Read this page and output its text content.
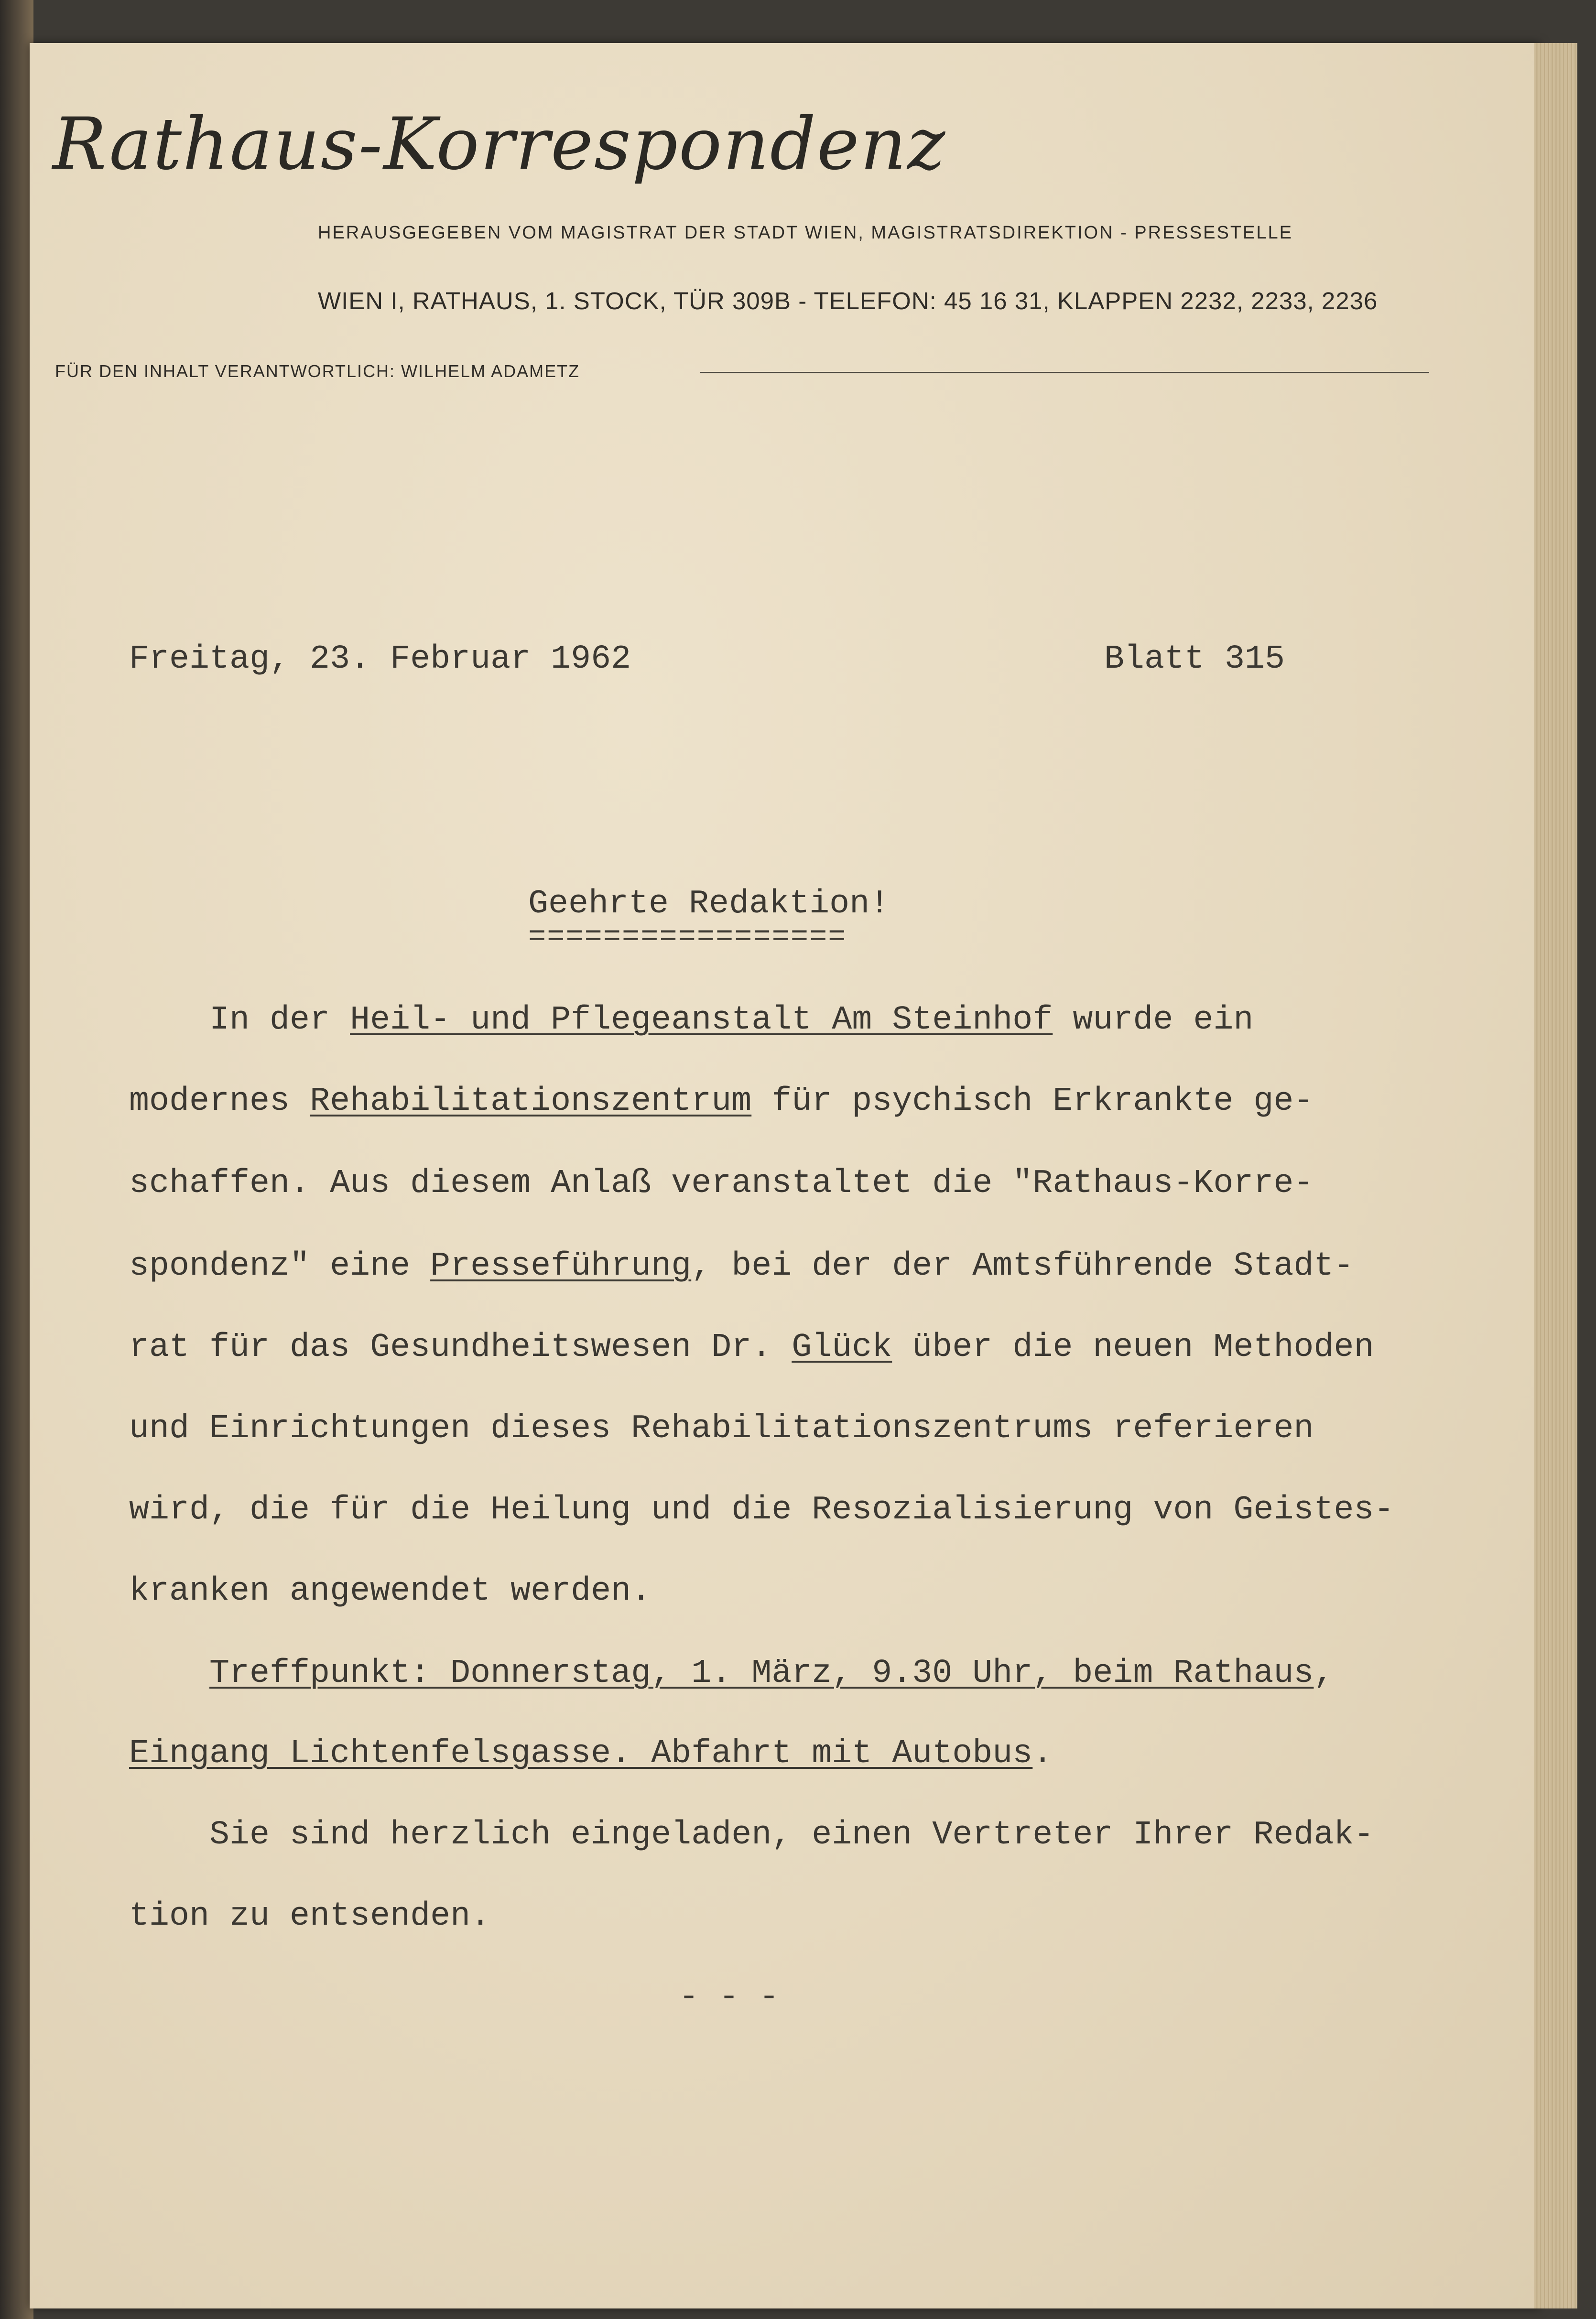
Rathaus-Korrespondenz
HERAUSGEGEBEN VOM MAGISTRAT DER STADT WIEN, MAGISTRATSDIREKTION - PRESSESTELLE
WIEN I, RATHAUS, 1. STOCK, TÜR 309B - TELEFON: 45 16 31, KLAPPEN 2232, 2233, 2236
FÜR DEN INHALT VERANTWORTLICH: WILHELM ADAMETZ
Freitag, 23. Februar 1962	Blatt 315
Geehrte Redaktion!
=================
In der Heil- und Pflegeanstalt Am Steinhof wurde ein
modernes Rehabilitationszentrum für psychisch Erkrankte ge-
schaffen. Aus diesem Anlaß veranstaltet die "Rathaus-Korre-
spondenz" eine Presseführung, bei der der Amtsführende Stadt-
rat für das Gesundheitswesen Dr. Glück über die neuen Methoden
und Einrichtungen dieses Rehabilitationszentrums referieren
wird, die für die Heilung und die Resozialisierung von Geistes-
kranken angewendet werden.
Treffpunkt: Donnerstag, 1. März, 9.30 Uhr, beim Rathaus,
Eingang Lichtenfelsgasse. Abfahrt mit Autobus.
Sie sind herzlich eingeladen, einen Vertreter Ihrer Redak-
tion zu entsenden.
- - -
